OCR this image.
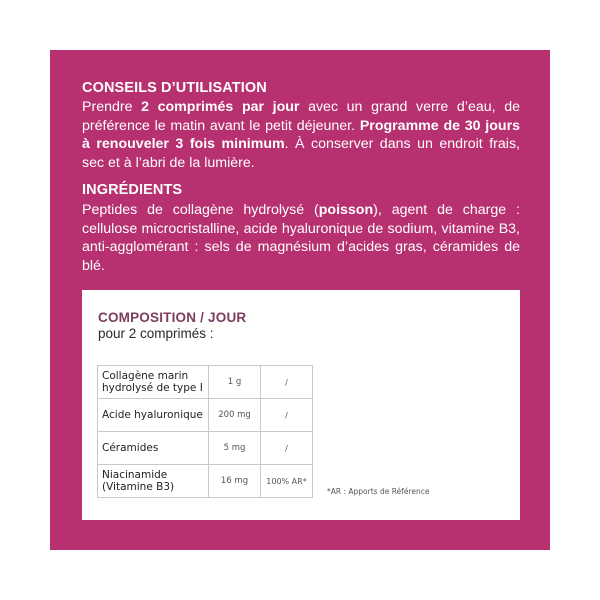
CONSEILS D’UTILISATION
Prendre 2 comprimés par jour avec un grand verre d’eau, de préférence le matin avant le petit déjeuner. Programme de 30 jours à renouveler 3 fois minimum. À conserver dans un endroit frais, sec et à l’abri de la lumière.
INGRÉDIENTS
Peptides de collagène hydrolysé (poisson), agent de charge : cellulose microcristalline, acide hyaluronique de sodium, vitamine B3, anti-agglomérant : sels de magnésium d’acides gras, céramides de blé.
COMPOSITION / JOUR
pour 2 comprimés :
Collagène marin hydrolysé de type I	1 g	/
Acide hyaluronique	200 mg	/
Céramides	5 mg	/
Niacinamide (Vitamine B3)	16 mg	100% AR*
*AR : Apports de Référence
